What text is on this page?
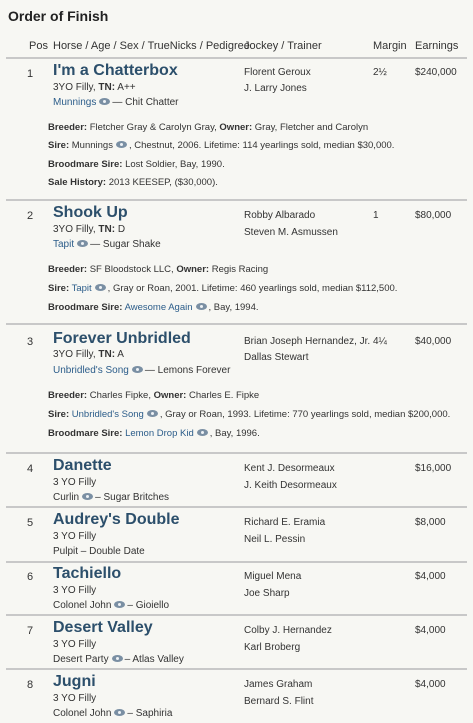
Order of Finish
Pos Horse / Age / Sex / TrueNicks / Pedigree
Jockey / Trainer	Margin Earnings
1 I'm a Chatterbox
3YO Filly, TN: A++
Munnings — Chit Chatter
Florent Geroux
J. Larry Jones
2½	$240,000
Breeder: Fletcher Gray & Carolyn Gray, Owner: Gray, Fletcher and Carolyn
Sire: Munnings , Chestnut, 2006. Lifetime: 114 yearlings sold, median $30,000.
Broodmare Sire: Lost Soldier, Bay, 1990.
Sale History: 2013 KEESEP, ($30,000).
2 Shook Up
3YO Filly, TN: D
Tapit — Sugar Shake
Robby Albarado
Steven M. Asmussen
1	$80,000
Breeder: SF Bloodstock LLC, Owner: Regis Racing
Sire: Tapit , Gray or Roan, 2001. Lifetime: 460 yearlings sold, median $112,500.
Broodmare Sire: Awesome Again , Bay, 1994.
3 Forever Unbridled
3YO Filly, TN: A
Unbridled's Song — Lemons Forever
Brian Joseph Hernandez, Jr.
Dallas Stewart
4¼	$40,000
Breeder: Charles Fipke, Owner: Charles E. Fipke
Sire: Unbridled's Song , Gray or Roan, 1993. Lifetime: 770 yearlings sold, median $200,000.
Broodmare Sire: Lemon Drop Kid , Bay, 1996.
4 Danette
3 YO Filly
Curlin – Sugar Britches
Kent J. Desormeaux
J. Keith Desormeaux
$16,000
5 Audrey's Double
3 YO Filly
Pulpit – Double Date
Richard E. Eramia
Neil L. Pessin
$8,000
6 Tachiello
3 YO Filly
Colonel John – Gioiello
Miguel Mena
Joe Sharp
$4,000
7 Desert Valley
3 YO Filly
Desert Party – Atlas Valley
Colby J. Hernandez
Karl Broberg
$4,000
8 Jugni
3 YO Filly
Colonel John – Saphiria
James Graham
Bernard S. Flint
$4,000
